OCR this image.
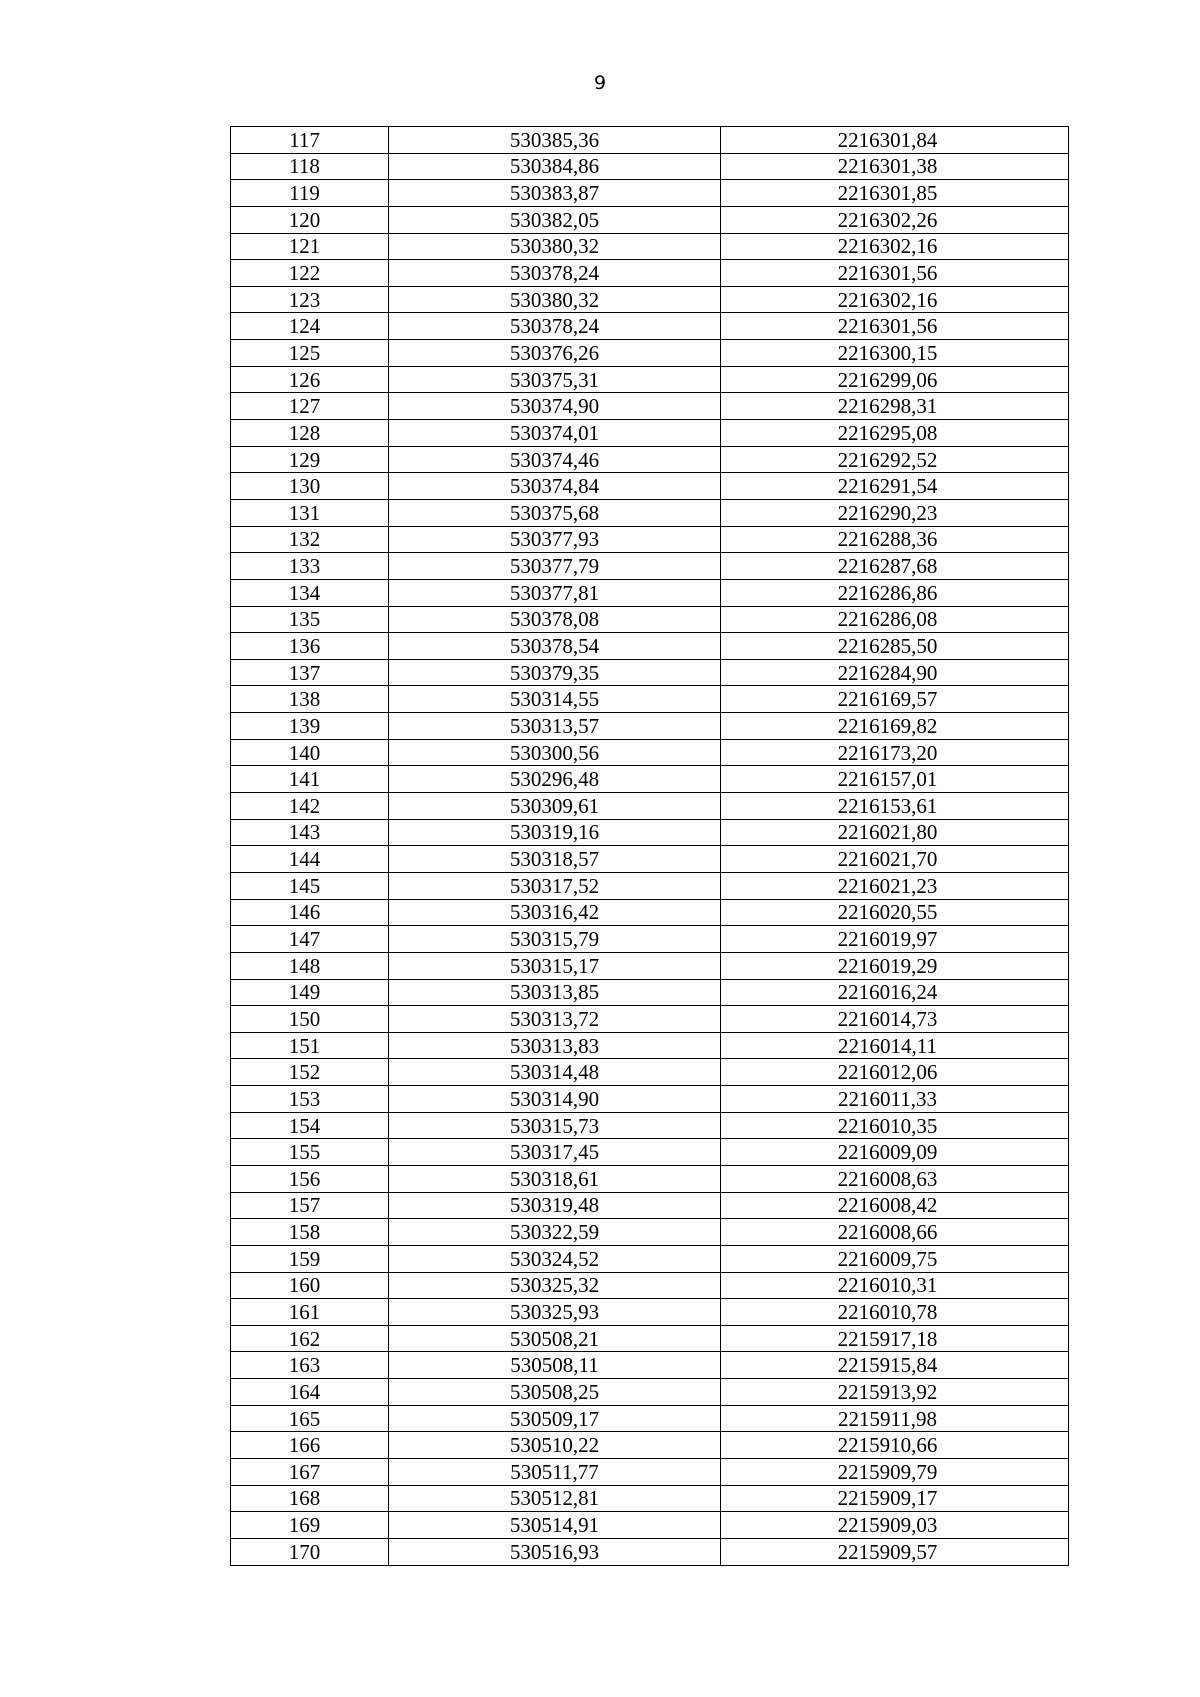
9
117	530385,36	2216301,84
118	530384,86	2216301,38
119	530383,87	2216301,85
120	530382,05	2216302,26
121	530380,32	2216302,16
122	530378,24	2216301,56
123	530380,32	2216302,16
124	530378,24	2216301,56
125	530376,26	2216300,15
126	530375,31	2216299,06
127	530374,90	2216298,31
128	530374,01	2216295,08
129	530374,46	2216292,52
130	530374,84	2216291,54
131	530375,68	2216290,23
132	530377,93	2216288,36
133	530377,79	2216287,68
134	530377,81	2216286,86
135	530378,08	2216286,08
136	530378,54	2216285,50
137	530379,35	2216284,90
138	530314,55	2216169,57
139	530313,57	2216169,82
140	530300,56	2216173,20
141	530296,48	2216157,01
142	530309,61	2216153,61
143	530319,16	2216021,80
144	530318,57	2216021,70
145	530317,52	2216021,23
146	530316,42	2216020,55
147	530315,79	2216019,97
148	530315,17	2216019,29
149	530313,85	2216016,24
150	530313,72	2216014,73
151	530313,83	2216014,11
152	530314,48	2216012,06
153	530314,90	2216011,33
154	530315,73	2216010,35
155	530317,45	2216009,09
156	530318,61	2216008,63
157	530319,48	2216008,42
158	530322,59	2216008,66
159	530324,52	2216009,75
160	530325,32	2216010,31
161	530325,93	2216010,78
162	530508,21	2215917,18
163	530508,11	2215915,84
164	530508,25	2215913,92
165	530509,17	2215911,98
166	530510,22	2215910,66
167	530511,77	2215909,79
168	530512,81	2215909,17
169	530514,91	2215909,03
170	530516,93	2215909,57
